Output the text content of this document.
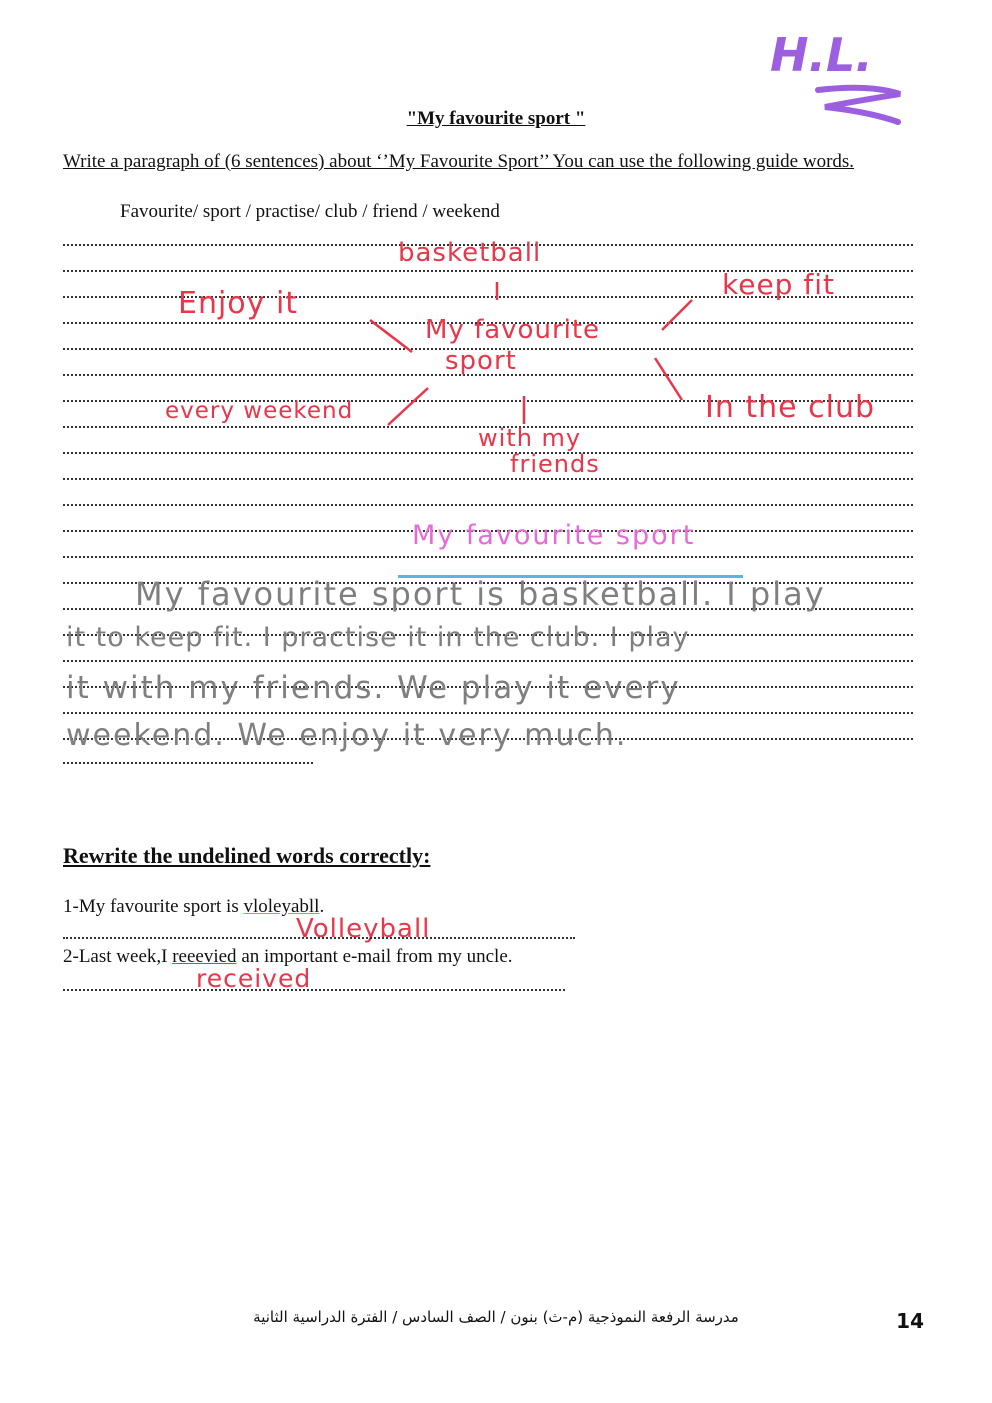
H.L.
"My favourite sport "
Write a paragraph of (6 sentences) about ‘’My Favourite Sport’’ You can use the following guide words.
Favourite/ sport / practise/ club / friend / weekend
basketball
Enjoy it
keep fit
My favourite
sport
every weekend	In the club
with my
friends
My favourite sport
My favourite sport is basketball. I play
it to keep fit. I practise it in the club. I play
it with my friends. We play it every
weekend. We enjoy it very much.
Rewrite the undelined words correctly:
1-My favourite sport is vloleyabll.
Volleyball
2-Last week,I reeevied an important e-mail from my uncle.
received
مدرسة الرفعة النموذجية (م-ث) بنون / الصف السادس / الفترة الدراسية الثانية	14
